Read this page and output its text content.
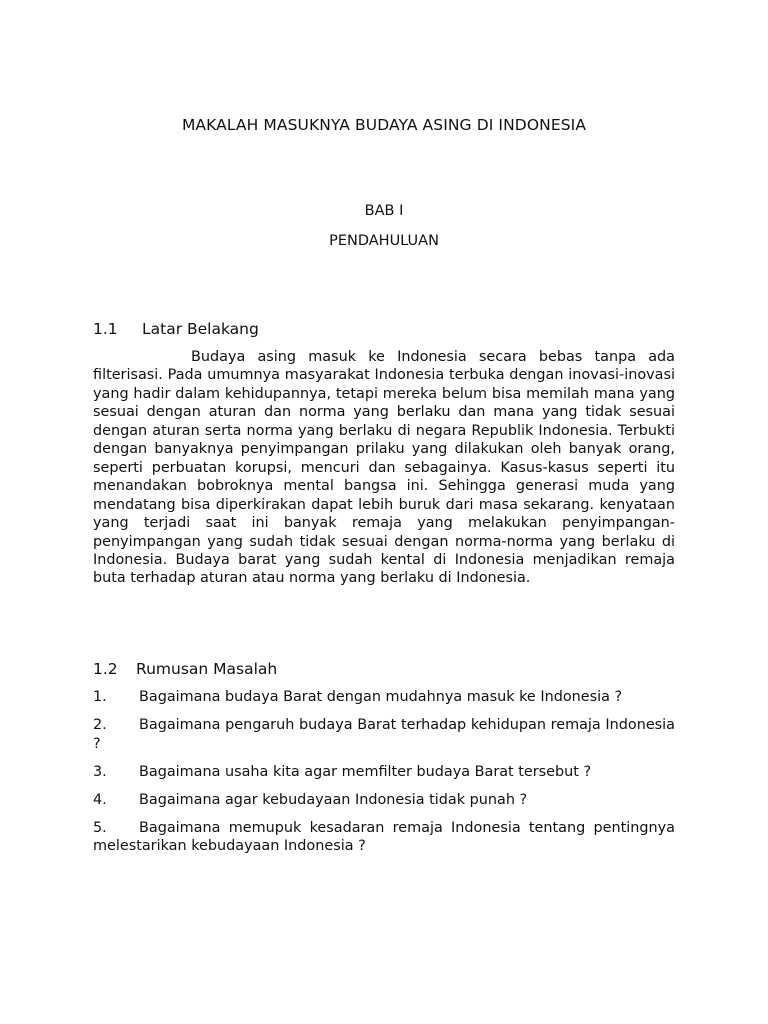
MAKALAH MASUKNYA BUDAYA ASING DI INDONESIA
BAB I
PENDAHULUAN
1.1 Latar Belakang

Budaya asing masuk ke Indonesia secara bebas tanpa ada filterisasi. Pada umumnya masyarakat Indonesia terbuka dengan inovasi-inovasi yang hadir dalam kehidupannya, tetapi mereka belum bisa memilah mana yang sesuai dengan aturan dan norma yang berlaku dan mana yang tidak sesuai dengan aturan serta norma yang berlaku di negara Republik Indonesia. Terbukti dengan banyaknya penyimpangan prilaku yang dilakukan oleh banyak orang, seperti perbuatan korupsi, mencuri dan sebagainya. Kasus-kasus seperti itu menandakan bobroknya mental bangsa ini. Sehingga generasi muda yang mendatang bisa diperkirakan dapat lebih buruk dari masa sekarang. kenyataan yang terjadi saat ini banyak remaja yang melakukan penyimpangan-penyimpangan yang sudah tidak sesuai dengan norma-norma yang berlaku di Indonesia. Budaya barat yang sudah kental di Indonesia menjadikan remaja buta terhadap aturan atau norma yang berlaku di Indonesia.

1.2 Rumusan Masalah

1. Bagaimana budaya Barat dengan mudahnya masuk ke Indonesia ?

2. Bagaimana pengaruh budaya Barat terhadap kehidupan remaja Indonesia ?

3. Bagaimana usaha kita agar memfilter budaya Barat tersebut ?

4. Bagaimana agar kebudayaan Indonesia tidak punah ?

5. Bagaimana memupuk kesadaran remaja Indonesia tentang pentingnya melestarikan kebudayaan Indonesia ?
